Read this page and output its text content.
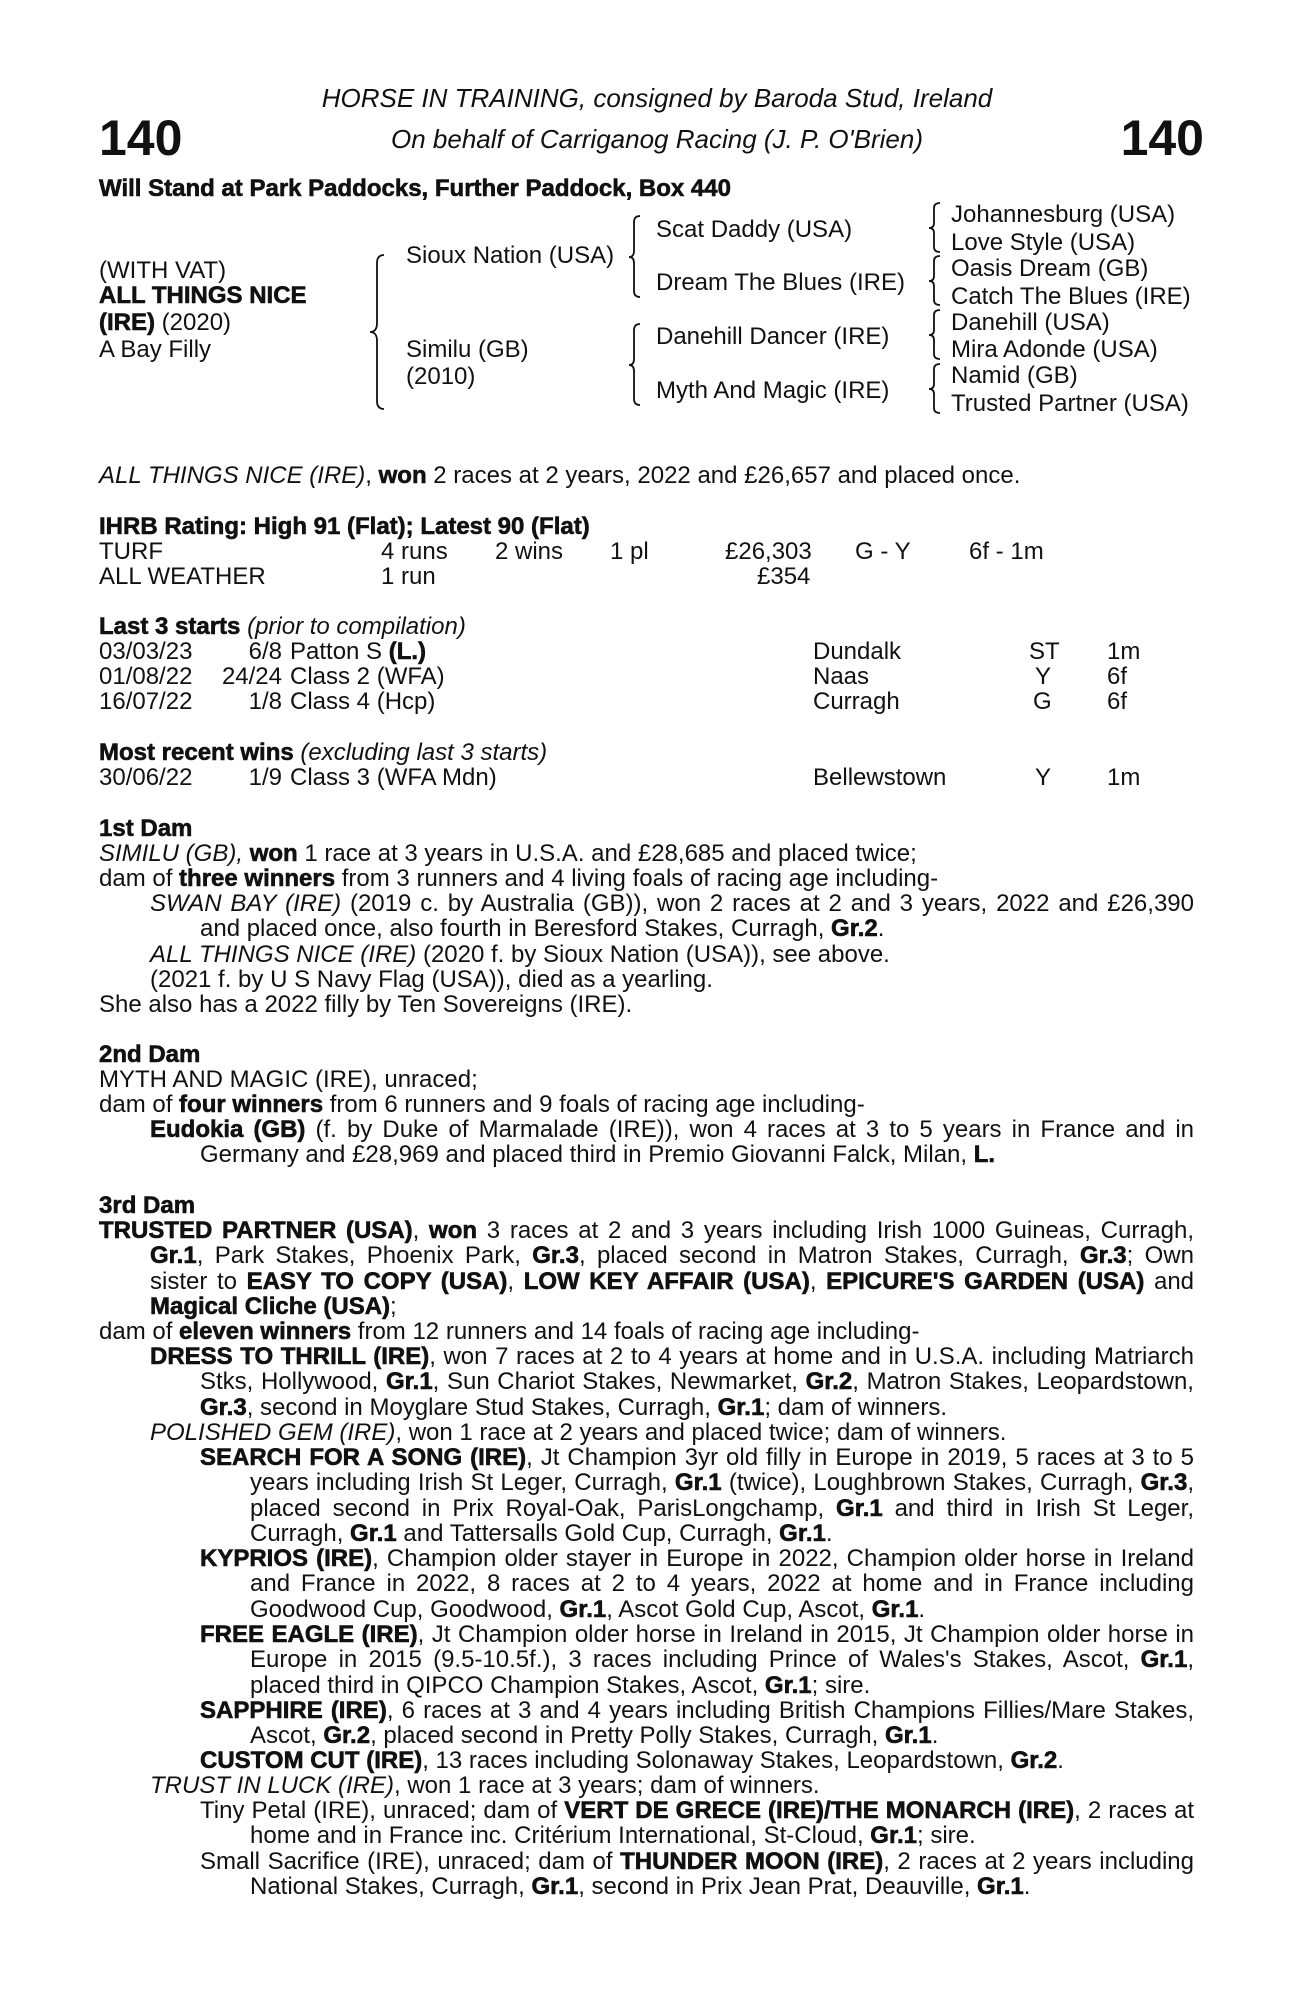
140	140
HORSE IN TRAINING, consigned by Baroda Stud, Ireland
On behalf of Carriganog Racing (J. P. O'Brien)
Will Stand at Park Paddocks, Further Paddock, Box 440
(WITH VAT)
ALL THINGS NICE
(IRE) (2020)
A Bay Filly
Sioux Nation (USA)
Similu (GB)
(2010)
Scat Daddy (USA)
Dream The Blues (IRE)
Danehill Dancer (IRE)
Myth And Magic (IRE)
Johannesburg (USA)
Love Style (USA)
Oasis Dream (GB)
Catch The Blues (IRE)
Danehill (USA)
Mira Adonde (USA)
Namid (GB)
Trusted Partner (USA)
ALL THINGS NICE (IRE), won 2 races at 2 years, 2022 and £26,657 and placed once.
IHRB Rating: High 91 (Flat); Latest 90 (Flat)
TURF	4 runs 2 wins 1 pl	£26,303 G - Y 6f - 1m
ALL WEATHER	1 run	£354
Last 3 starts (prior to compilation)
03/03/23	6/8 Patton S (L.)	Dundalk	ST 1m
01/08/22	24/24 Class 2 (WFA)	Naas	Y 6f
16/07/22	1/8 Class 4 (Hcp)	Curragh	G 6f
Most recent wins (excluding last 3 starts)
30/06/22	1/9 Class 3 (WFA Mdn)	Bellewstown	Y 1m
1st Dam
SIMILU (GB), won 1 race at 3 years in U.S.A. and £28,685 and placed twice;
dam of three winners from 3 runners and 4 living foals of racing age including-
SWAN BAY (IRE) (2019 c. by Australia (GB)), won 2 races at 2 and 3 years, 2022 and £26,390 and placed once, also fourth in Beresford Stakes, Curragh, Gr.2.
ALL THINGS NICE (IRE) (2020 f. by Sioux Nation (USA)), see above.
(2021 f. by U S Navy Flag (USA)), died as a yearling.
She also has a 2022 filly by Ten Sovereigns (IRE).
2nd Dam
MYTH AND MAGIC (IRE), unraced;
dam of four winners from 6 runners and 9 foals of racing age including-
Eudokia (GB) (f. by Duke of Marmalade (IRE)), won 4 races at 3 to 5 years in France and in Germany and £28,969 and placed third in Premio Giovanni Falck, Milan, L.
3rd Dam
TRUSTED PARTNER (USA), won 3 races at 2 and 3 years including Irish 1000 Guineas, Curragh, Gr.1, Park Stakes, Phoenix Park, Gr.3, placed second in Matron Stakes, Curragh, Gr.3; Own sister to EASY TO COPY (USA), LOW KEY AFFAIR (USA), EPICURE'S GARDEN (USA) and Magical Cliche (USA);
dam of eleven winners from 12 runners and 14 foals of racing age including-
DRESS TO THRILL (IRE), won 7 races at 2 to 4 years at home and in U.S.A. including Matriarch Stks, Hollywood, Gr.1, Sun Chariot Stakes, Newmarket, Gr.2, Matron Stakes, Leopardstown, Gr.3, second in Moyglare Stud Stakes, Curragh, Gr.1; dam of winners.
POLISHED GEM (IRE), won 1 race at 2 years and placed twice; dam of winners.
SEARCH FOR A SONG (IRE), Jt Champion 3yr old filly in Europe in 2019, 5 races at 3 to 5 years including Irish St Leger, Curragh, Gr.1 (twice), Loughbrown Stakes, Curragh, Gr.3, placed second in Prix Royal-Oak, ParisLongchamp, Gr.1 and third in Irish St Leger, Curragh, Gr.1 and Tattersalls Gold Cup, Curragh, Gr.1.
KYPRIOS (IRE), Champion older stayer in Europe in 2022, Champion older horse in Ireland and France in 2022, 8 races at 2 to 4 years, 2022 at home and in France including Goodwood Cup, Goodwood, Gr.1, Ascot Gold Cup, Ascot, Gr.1.
FREE EAGLE (IRE), Jt Champion older horse in Ireland in 2015, Jt Champion older horse in Europe in 2015 (9.5-10.5f.), 3 races including Prince of Wales's Stakes, Ascot, Gr.1, placed third in QIPCO Champion Stakes, Ascot, Gr.1; sire.
SAPPHIRE (IRE), 6 races at 3 and 4 years including British Champions Fillies/Mare Stakes, Ascot, Gr.2, placed second in Pretty Polly Stakes, Curragh, Gr.1.
CUSTOM CUT (IRE), 13 races including Solonaway Stakes, Leopardstown, Gr.2.
TRUST IN LUCK (IRE), won 1 race at 3 years; dam of winners.
Tiny Petal (IRE), unraced; dam of VERT DE GRECE (IRE)/THE MONARCH (IRE), 2 races at home and in France inc. Critérium International, St-Cloud, Gr.1; sire.
Small Sacrifice (IRE), unraced; dam of THUNDER MOON (IRE), 2 races at 2 years including National Stakes, Curragh, Gr.1, second in Prix Jean Prat, Deauville, Gr.1.
